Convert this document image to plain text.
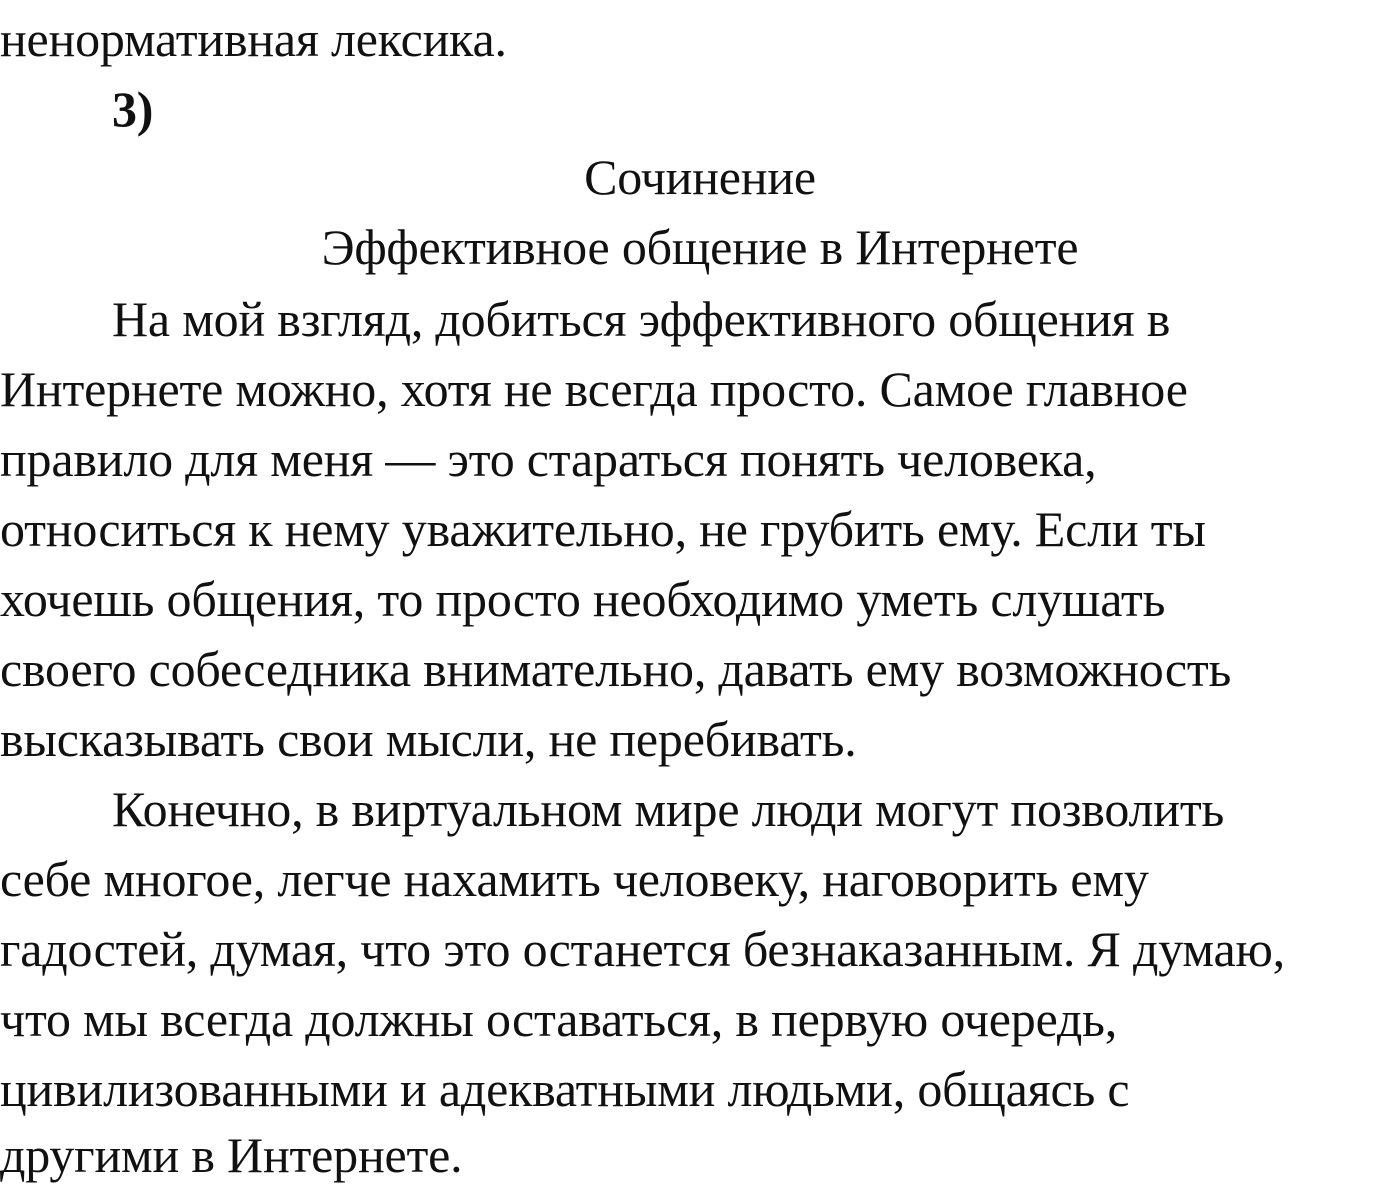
ненормативная лексика.
3)
Сочинение
Эффективное общение в Интернете
На мой взгляд, добиться эффективного общения в
Интернете можно, хотя не всегда просто. Самое главное
правило для меня — это стараться понять человека,
относиться к нему уважительно, не грубить ему. Если ты
хочешь общения, то просто необходимо уметь слушать
своего собеседника внимательно, давать ему возможность
высказывать свои мысли, не перебивать.
Конечно, в виртуальном мире люди могут позволить
себе многое, легче нахамить человеку, наговорить ему
гадостей, думая, что это останется безнаказанным. Я думаю,
что мы всегда должны оставаться, в первую очередь,
цивилизованными и адекватными людьми, общаясь с
другими в Интернете.
